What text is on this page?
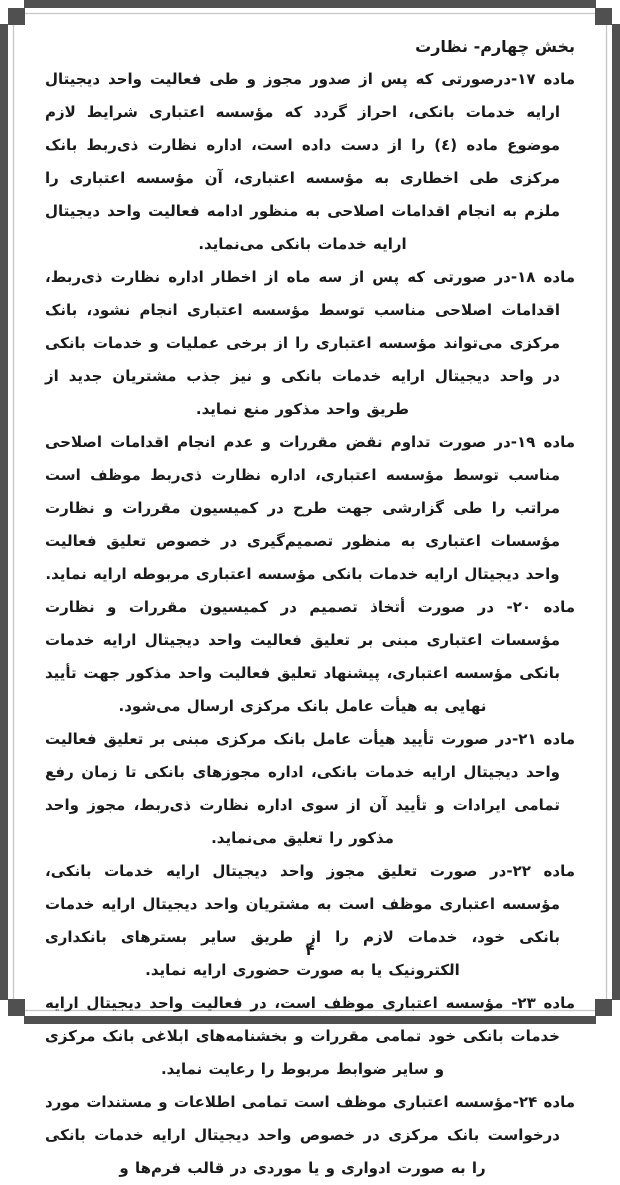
بخش چهارم- نظارت

ماده ۱۷-درصورتی که پس از صدور مجوز و طی فعالیت واحد دیجیتال ارایه خدمات بانکی، احراز گردد که مؤسسه اعتباری شرایط لازم موضوع ماده (٤) را از دست داده است، اداره نظارت ذی‌ربط بانک مرکزی طی اخطاری به مؤسسه اعتباری، آن مؤسسه اعتباری را ملزم به انجام اقدامات اصلاحی به منظور ادامه فعالیت واحد دیجیتال ارایه خدمات بانکی می‌نماید.

ماده ۱۸-در صورتی که پس از سه ماه از اخطار اداره نظارت ذی‌ربط، اقدامات اصلاحی مناسب توسط مؤسسه اعتباری انجام نشود، بانک مرکزی می‌تواند مؤسسه اعتباری را از برخی عملیات و خدمات بانکی در واحد دیجیتال ارایه خدمات بانکی و نیز جذب مشتریان جدید از طریق واحد مذکور منع نماید.

ماده ۱۹-در صورت تداوم نقض مقررات و عدم انجام اقدامات اصلاحی مناسب توسط مؤسسه اعتباری، اداره نظارت ذی‌ربط موظف است مراتب را طی گزارشی جهت طرح در کمیسیون مقررات و نظارت مؤسسات اعتباری به منظور تصمیم‌گیری در خصوص تعلیق فعالیت واحد دیجیتال ارایه خدمات بانکی مؤسسه اعتباری مربوطه ارایه نماید.

ماده ۲۰- در صورت أتخاذ تصمیم در کمیسیون مقررات و نظارت مؤسسات اعتباری مبنی بر تعلیق فعالیت واحد دیجیتال ارایه خدمات بانکی مؤسسه اعتباری، پیشنهاد تعلیق فعالیت واحد مذکور جهت تأیید نهایی به هیأت عامل بانک مرکزی ارسال می‌شود.

ماده ۲۱-در صورت تأیید هیأت عامل بانک مرکزی مبنی بر تعلیق فعالیت واحد دیجیتال ارایه خدمات بانکی، اداره مجوزهای بانکی تا زمان رفع تمامی ایرادات و تأیید آن از سوی اداره نظارت ذی‌ربط، مجوز واحد مذکور را تعلیق می‌نماید.

ماده ۲۲-در صورت تعلیق مجوز واحد دیجیتال ارایه خدمات بانکی، مؤسسه اعتباری موظف است به مشتریان واحد دیجیتال ارایه خدمات بانکی خود، خدمات لازم را از طریق سایر بسترهای بانکداری الکترونیک یا به صورت حضوری ارایه نماید.

ماده ۲۳- مؤسسه اعتباری موظف است، در فعالیت واحد دیجیتال ارایه خدمات بانکی خود تمامی مقررات و بخشنامه‌های ابلاغی بانک مرکزی و سایر ضوابط مربوط را رعایت نماید.

ماده ۲۴-مؤسسه اعتباری موظف است تمامی اطلاعات و مستندات مورد درخواست بانک مرکزی در خصوص واحد دیجیتال ارایه خدمات بانکی را به صورت ادواری و یا موردی در قالب فرم‌ها و

۴
